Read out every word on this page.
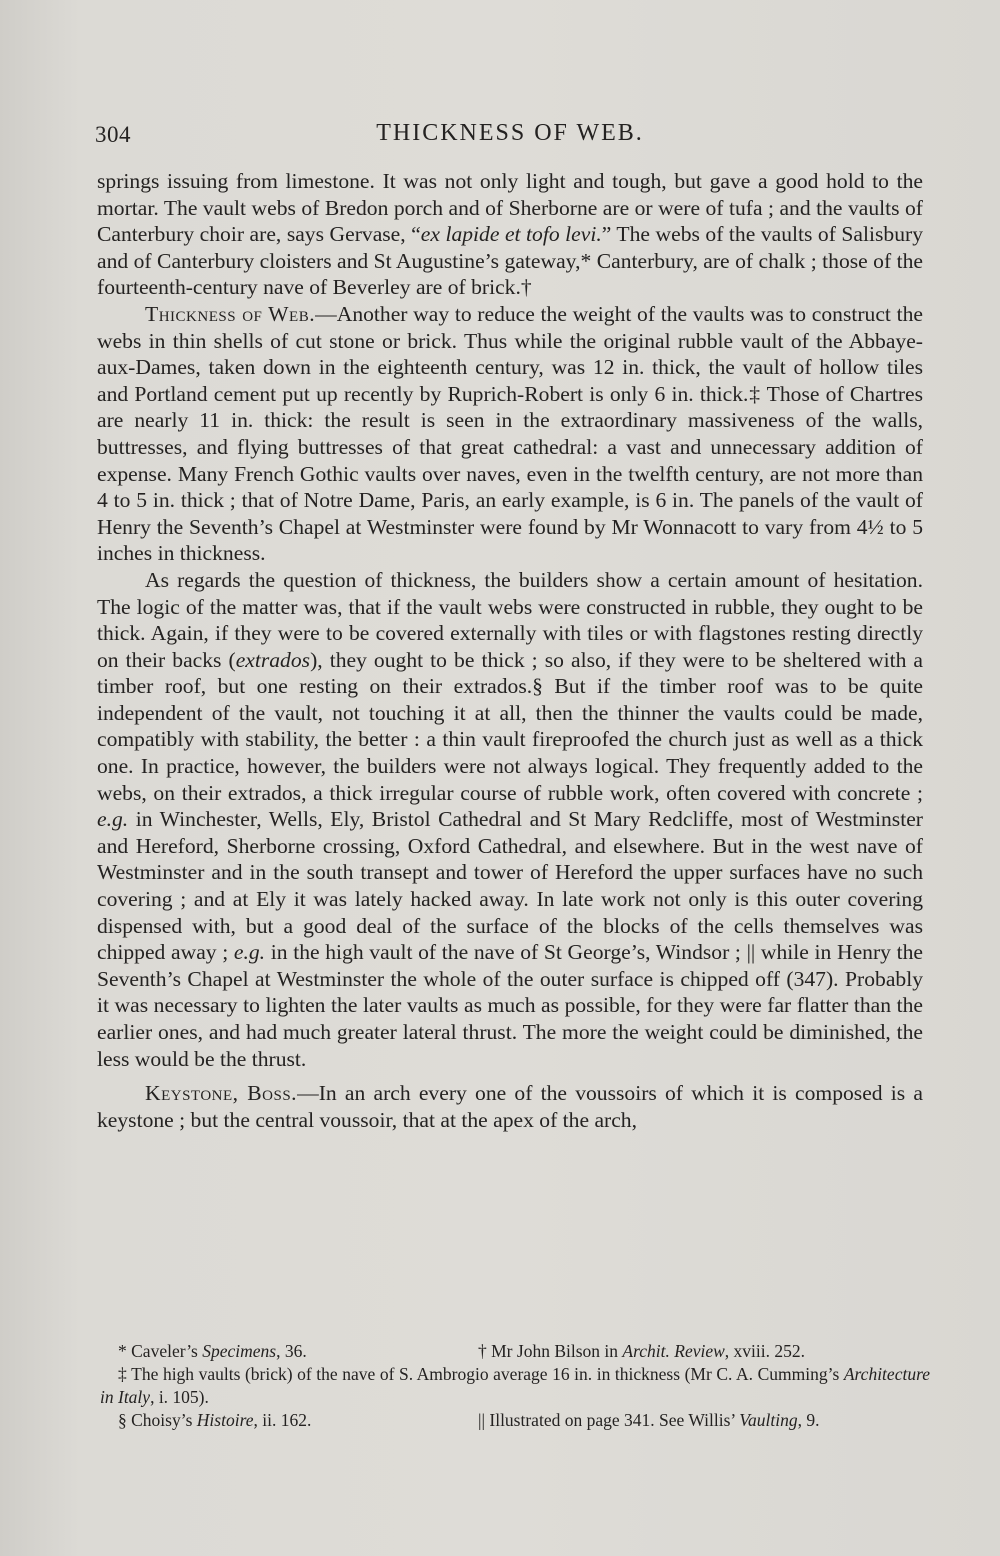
304	THICKNESS OF WEB.

springs issuing from limestone. It was not only light and tough, but gave a good hold to the mortar. The vault webs of Bredon porch and of Sherborne are or were of tufa ; and the vaults of Canterbury choir are, says Gervase, “ex lapide et tofo levi.” The webs of the vaults of Salisbury and of Canterbury cloisters and St Augustine’s gateway,* Canterbury, are of chalk ; those of the fourteenth-century nave of Beverley are of brick.†

Thickness of Web.—Another way to reduce the weight of the vaults was to construct the webs in thin shells of cut stone or brick. Thus while the original rubble vault of the Abbaye-aux-Dames, taken down in the eighteenth century, was 12 in. thick, the vault of hollow tiles and Portland cement put up recently by Ruprich-Robert is only 6 in. thick.‡ Those of Chartres are nearly 11 in. thick: the result is seen in the extraordinary massiveness of the walls, buttresses, and flying buttresses of that great cathedral: a vast and unnecessary addition of expense. Many French Gothic vaults over naves, even in the twelfth century, are not more than 4 to 5 in. thick ; that of Notre Dame, Paris, an early example, is 6 in. The panels of the vault of Henry the Seventh’s Chapel at Westminster were found by Mr Wonnacott to vary from 4½ to 5 inches in thickness.

As regards the question of thickness, the builders show a certain amount of hesitation. The logic of the matter was, that if the vault webs were constructed in rubble, they ought to be thick. Again, if they were to be covered externally with tiles or with flagstones resting directly on their backs (extrados), they ought to be thick ; so also, if they were to be sheltered with a timber roof, but one resting on their extrados.§ But if the timber roof was to be quite independent of the vault, not touching it at all, then the thinner the vaults could be made, compatibly with stability, the better : a thin vault fireproofed the church just as well as a thick one. In practice, however, the builders were not always logical. They frequently added to the webs, on their extrados, a thick irregular course of rubble work, often covered with concrete ; e.g. in Winchester, Wells, Ely, Bristol Cathedral and St Mary Redcliffe, most of Westminster and Hereford, Sherborne crossing, Oxford Cathedral, and elsewhere. But in the west nave of Westminster and in the south transept and tower of Hereford the upper surfaces have no such covering ; and at Ely it was lately hacked away. In late work not only is this outer covering dispensed with, but a good deal of the surface of the blocks of the cells themselves was chipped away ; e.g. in the high vault of the nave of St George’s, Windsor ; || while in Henry the Seventh’s Chapel at Westminster the whole of the outer surface is chipped off (347). Probably it was necessary to lighten the later vaults as much as possible, for they were far flatter than the earlier ones, and had much greater lateral thrust. The more the weight could be diminished, the less would be the thrust.

Keystone, Boss.—In an arch every one of the voussoirs of which it is composed is a keystone ; but the central voussoir, that at the apex of the arch,

* Caveler’s Specimens, 36.	† Mr John Bilson in Archit. Review, xviii. 252.

‡ The high vaults (brick) of the nave of S. Ambrogio average 16 in. in thickness (Mr C. A. Cumming’s Architecture in Italy, i. 105).

§ Choisy’s Histoire, ii. 162.	|| Illustrated on page 341. See Willis’ Vaulting, 9.
